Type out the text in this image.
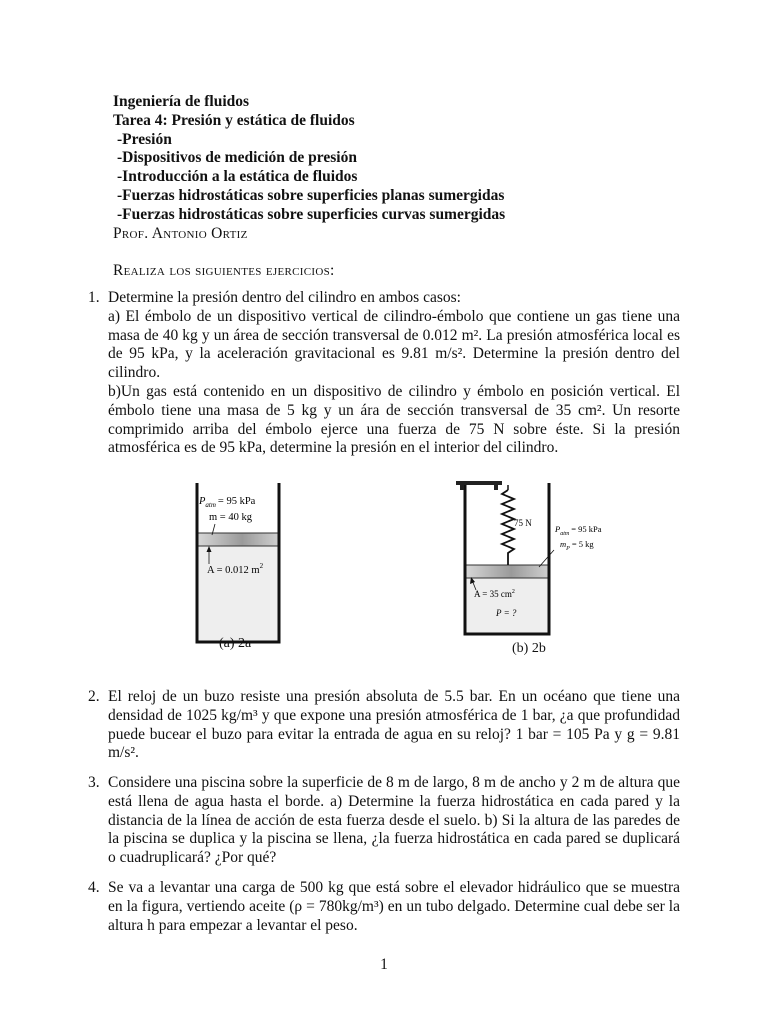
Ingeniería de fluidos
Tarea 4: Presión y estática de fluidos
-Presión
-Dispositivos de medición de presión
-Introducción a la estática de fluidos
-Fuerzas hidrostáticas sobre superficies planas sumergidas
-Fuerzas hidrostáticas sobre superficies curvas sumergidas
Prof. Antonio Ortiz
Realiza los siguientes ejercicios:
1. Determine la presión dentro del cilindro en ambos casos:

a) El émbolo de un dispositivo vertical de cilindro-émbolo que contiene un gas tiene una masa de 40 kg y un área de sección transversal de 0.012 m². La presión atmosférica local es de 95 kPa, y la aceleración gravitacional es 9.81 m/s². Determine la presión dentro del cilindro.

b)Un gas está contenido en un dispositivo de cilindro y émbolo en posición vertical. El émbolo tiene una masa de 5 kg y un ára de sección transversal de 35 cm². Un resorte comprimido arriba del émbolo ejerce una fuerza de 75 N sobre éste. Si la presión atmosférica es de 95 kPa, determine la presión en el interior del cilindro.

$P_{atm} = 95$ kPa
m = 40 kg
A = 0.012 $m^2$
(a) 2a
75 N
$P_{atm} = 95$ kPa
$m_P = 5$ kg
A = 35 $cm^2$
P = ?
(b) 2b
2. El reloj de un buzo resiste una presión absoluta de 5.5 bar. En un océano que tiene una densidad de 1025 kg/m³ y que expone una presión atmosférica de 1 bar, ¿a que profundidad puede bucear el buzo para evitar la entrada de agua en su reloj? 1 bar = 105 Pa y g = 9.81 m/s².

3. Considere una piscina sobre la superficie de 8 m de largo, 8 m de ancho y 2 m de altura que está llena de agua hasta el borde. a) Determine la fuerza hidrostática en cada pared y la distancia de la línea de acción de esta fuerza desde el suelo. b) Si la altura de las paredes de la piscina se duplica y la piscina se llena, ¿la fuerza hidrostática en cada pared se duplicará o cuadruplicará? ¿Por qué?

4. Se va a levantar una carga de 500 kg que está sobre el elevador hidráulico que se muestra en la figura, vertiendo aceite (ρ = 780kg/m³) en un tubo delgado. Determine cual debe ser la altura h para empezar a levantar el peso.

1
